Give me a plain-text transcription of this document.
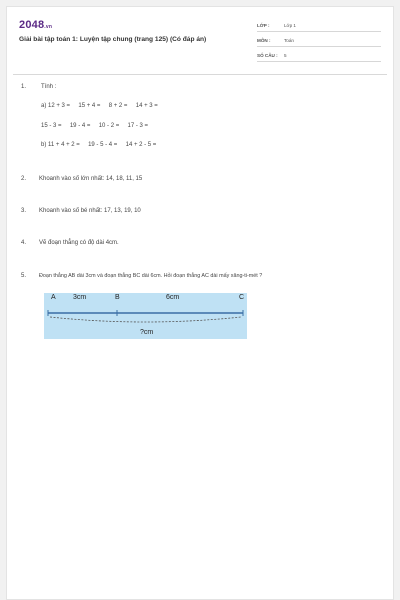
2048.vn
Giải bài tập toán 1: Luyện tập chung (trang 125) (Có đáp án)
LỚP :	Lớp 1
MÔN :	Toán
SỐ CÂU : 5
1. Tính :
a) 12 + 3 =     15 + 4 =     8 + 2 =     14 + 3 =
15 - 3 =     19 - 4 =     10 - 2 =     17 - 3 =
b) 11 + 4 + 2 =     19 - 5 - 4 =     14 + 2 - 5 =
2. Khoanh vào số lớn nhất: 14, 18, 11, 15
3. Khoanh vào số bé nhất: 17, 13, 19, 10
4. Vẽ đoạn thẳng có độ dài 4cm.
5. Đoạn thẳng AB dài 3cm và đoạn thẳng BC dài 6cm. Hỏi đoạn thẳng AC dài mấy xăng-ti-mét ?
A 3cm	B	6cm	C
?cm
